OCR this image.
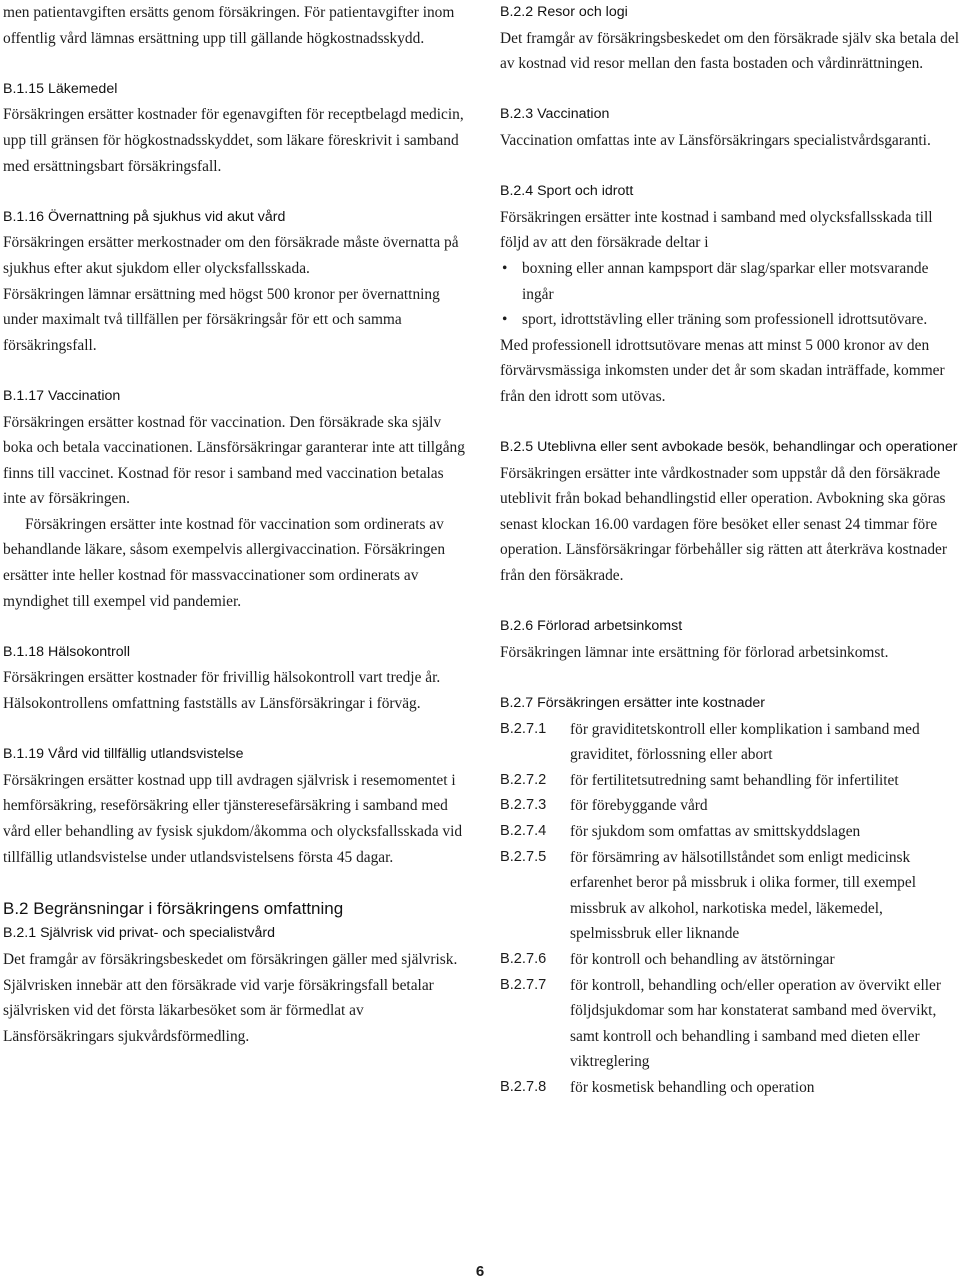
men patientavgiften ersätts genom försäkringen. För patientavgifter inom offentlig vård lämnas ersättning upp till gällande högkostnadsskydd.

B.1.15 Läkemedel

Försäkringen ersätter kostnader för egenavgiften för receptbelagd medicin, upp till gränsen för högkostnadsskyddet, som läkare föreskrivit i samband med ersättningsbart försäkringsfall.

B.1.16 Övernattning på sjukhus vid akut vård

Försäkringen ersätter merkostnader om den försäkrade måste övernatta på sjukhus efter akut sjukdom eller olycksfallsskada.

Försäkringen lämnar ersättning med högst 500 kronor per övernattning under maximalt två tillfällen per försäkringsår för ett och samma försäkringsfall.

B.1.17 Vaccination

Försäkringen ersätter kostnad för vaccination. Den försäkrade ska själv boka och betala vaccinationen. Länsförsäkringar garanterar inte att tillgång finns till vaccinet. Kostnad för resor i samband med vaccination betalas inte av försäkringen.

Försäkringen ersätter inte kostnad för vaccination som ordinerats av behandlande läkare, såsom exempelvis allergivaccination. Försäkringen ersätter inte heller kostnad för massvaccinationer som ordinerats av myndighet till exempel vid pandemier.

B.1.18 Hälsokontroll

Försäkringen ersätter kostnader för frivillig hälsokontroll vart tredje år. Hälsokontrollens omfattning fastställs av Länsförsäkringar i förväg.

B.1.19 Vård vid tillfällig utlandsvistelse

Försäkringen ersätter kostnad upp till avdragen självrisk i resemomentet i hemförsäkring, reseförsäkring eller tjänsteresefärsäkring i samband med vård eller behandling av fysisk sjukdom/åkomma och olycksfallsskada vid tillfällig utlandsvistelse under utlandsvistelsens första 45 dagar.

B.2 Begränsningar i försäkringens omfattning

B.2.1 Självrisk vid privat- och specialistvård

Det framgår av försäkringsbeskedet om försäkringen gäller med självrisk. Självrisken innebär att den försäkrade vid varje försäkringsfall betalar självrisken vid det första läkarbesöket som är förmedlat av Länsförsäkringars sjukvårdsförmedling.

B.2.2 Resor och logi

Det framgår av försäkringsbeskedet om den försäkrade själv ska betala del av kostnad vid resor mellan den fasta bostaden och vårdinrättningen.

B.2.3 Vaccination

Vaccination omfattas inte av Länsförsäkringars specialistvårdsgaranti.

B.2.4 Sport och idrott

Försäkringen ersätter inte kostnad i samband med olycksfallsskada till följd av att den försäkrade deltar i

• boxning eller annan kampsport där slag/sparkar eller motsvarande ingår
• sport, idrottstävling eller träning som professionell idrottsutövare.

Med professionell idrottsutövare menas att minst 5 000 kronor av den förvärvsmässiga inkomsten under det år som skadan inträffade, kommer från den idrott som utövas.

B.2.5 Uteblivna eller sent avbokade besök, behandlingar och operationer

Försäkringen ersätter inte vårdkostnader som uppstår då den försäkrade uteblivit från bokad behandlingstid eller operation. Avbokning ska göras senast klockan 16.00 vardagen före besöket eller senast 24 timmar före operation. Länsförsäkringar förbehåller sig rätten att återkräva kostnader från den försäkrade.

B.2.6 Förlorad arbetsinkomst

Försäkringen lämnar inte ersättning för förlorad arbetsinkomst.

B.2.7 Försäkringen ersätter inte kostnader

B.2.7.1	för graviditetskontroll eller komplikation i samband med graviditet, förlossning eller abort
B.2.7.2	för fertilitetsutredning samt behandling för infertilitet
B.2.7.3	för förebyggande vård
B.2.7.4	för sjukdom som omfattas av smittskyddslagen
B.2.7.5	för försämring av hälsotillståndet som enligt medicinsk erfarenhet beror på missbruk i olika former, till exempel missbruk av alkohol, narkotiska medel, läkemedel, spelmissbruk eller liknande
B.2.7.6	för kontroll och behandling av ätstörningar
B.2.7.7	för kontroll, behandling och/eller operation av övervikt eller följdsjukdomar som har konstaterat samband med övervikt, samt kontroll och behandling i samband med dieten eller viktreglering
B.2.7.8	för kosmetisk behandling och operation
6
